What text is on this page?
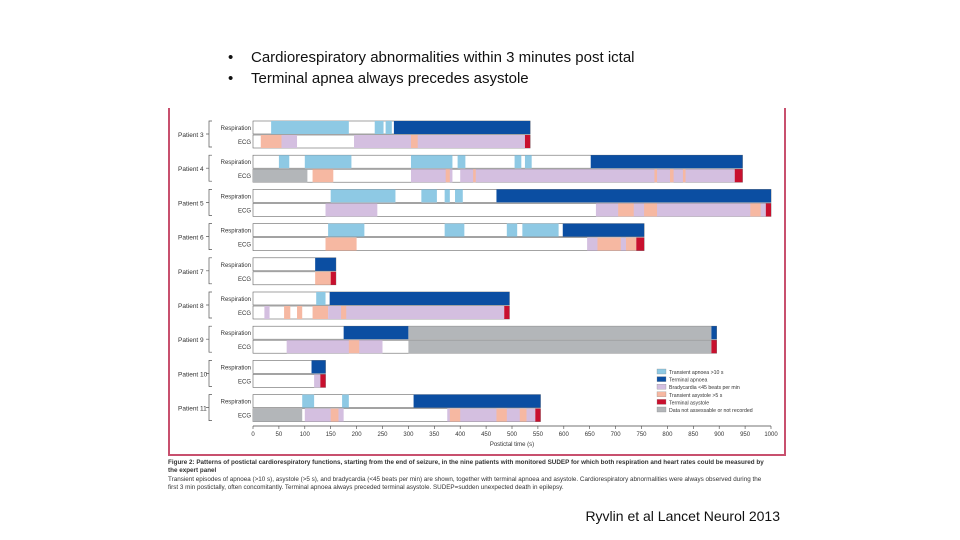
• Cardiorespiratory abnormalities within 3 minutes post ictal
• Terminal apnea always precedes asystole
Patient 3
Respiration
ECG
Patient 4
Respiration
ECG
Patient 5
Respiration
ECG
Patient 6
Respiration
ECG
Patient 7
Respiration
ECG
Patient 8
Respiration
ECG
Patient 9
Respiration
ECG
Patient 10
Respiration
ECG
Patient 11
Respiration
ECG
0	50	100	150	200	250	300	350	400	450	500	550	600	650	700	750	800	850	900	950 1000
Postictal time (s)
Transient apnoea >10 s
Terminal apnoea
Bradycardia <45 beats per min
Transient asystole >5 s
Terminal asystole
Data not assessable or not recorded
Figure 2: Patterns of postictal cardiorespiratory functions, starting from the end of seizure, in the nine patients with monitored SUDEP for which both respiration and heart rates could be measured by the expert panel
Transient episodes of apnoea (>10 s), asystole (>5 s), and bradycardia (<45 beats per min) are shown, together with terminal apnoea and asystole. Cardiorespiratory abnormalities were always observed during the first 3 min postictally, often concomitantly. Terminal apnoea always preceded terminal asystole. SUDEP=sudden unexpected death in epilepsy.
Ryvlin et al Lancet Neurol 2013
